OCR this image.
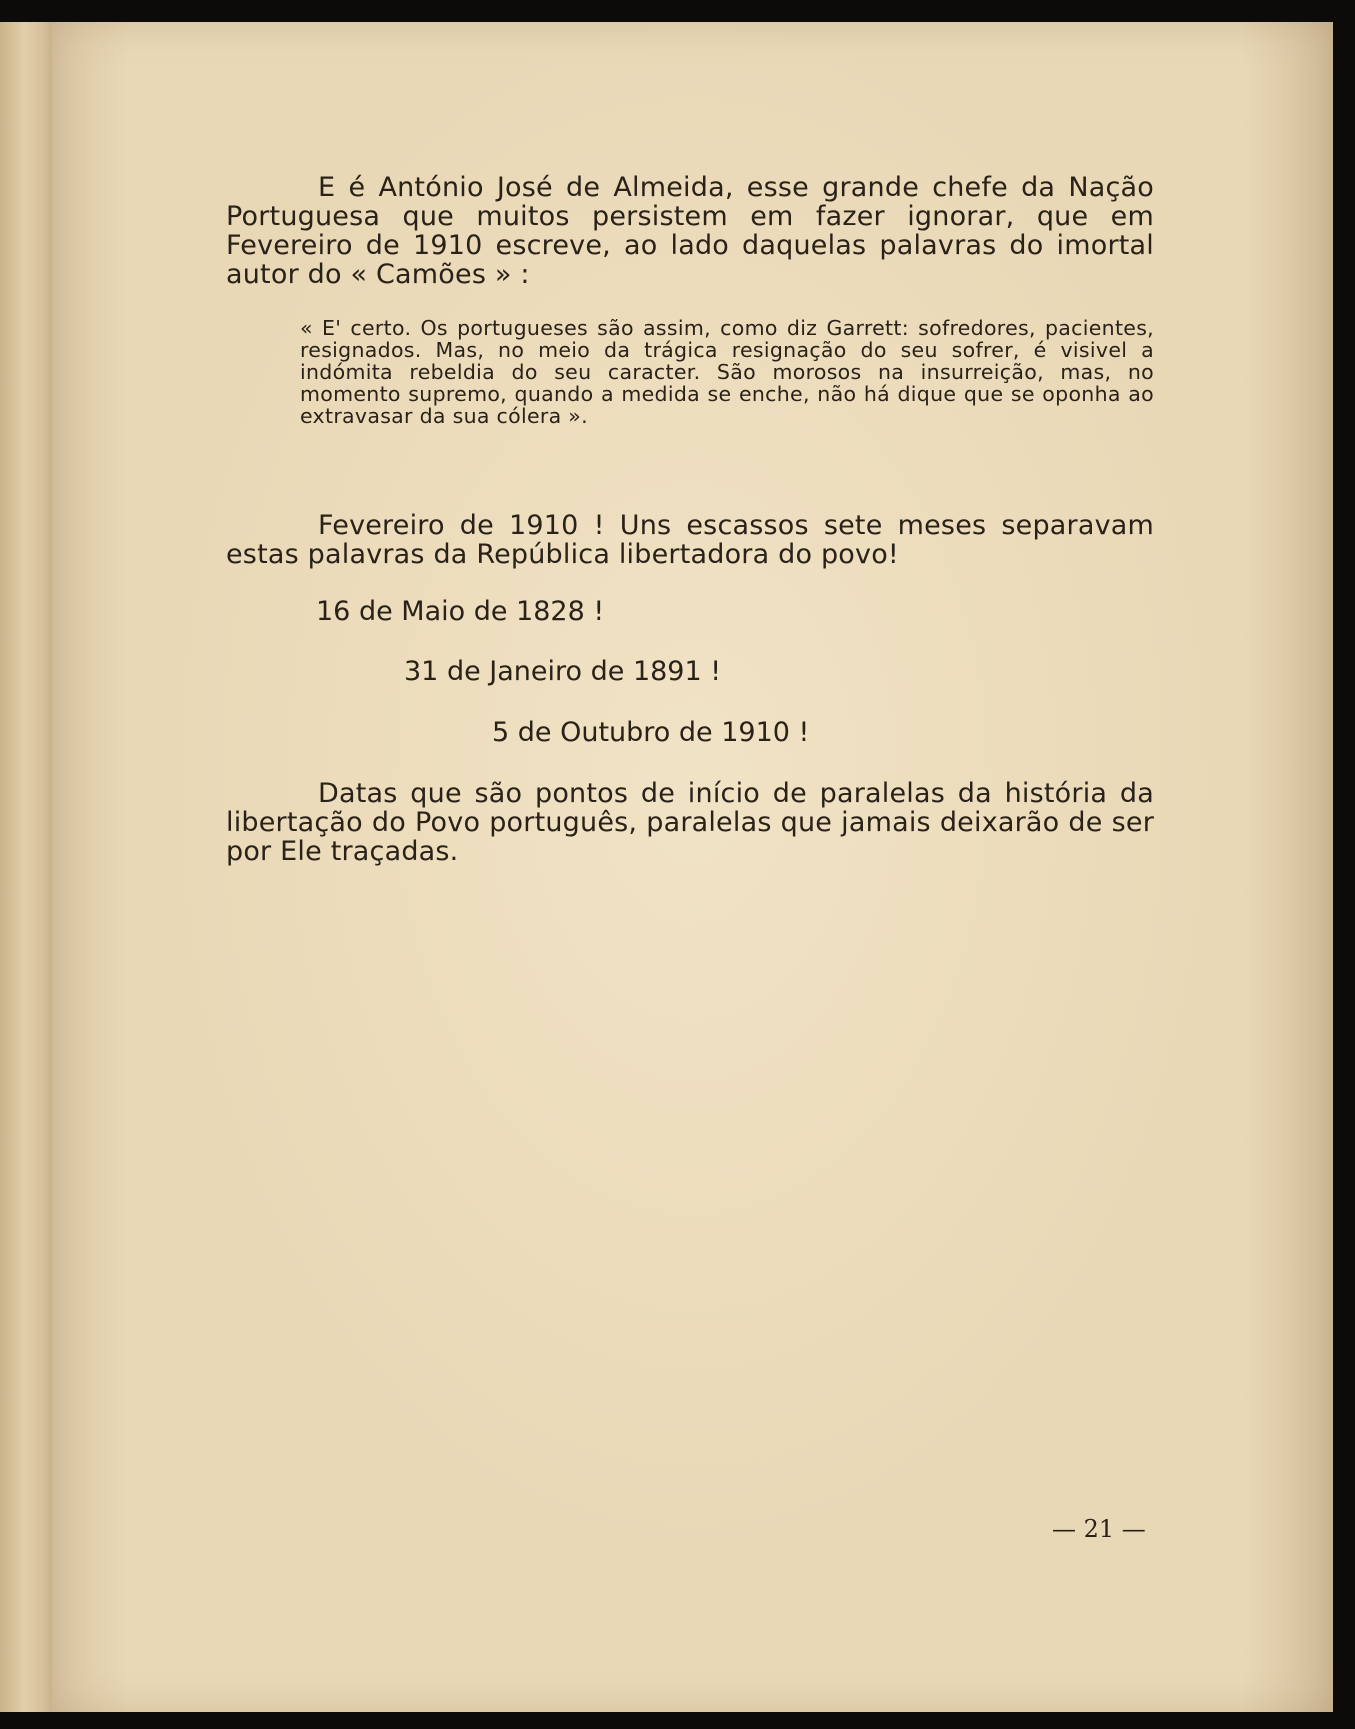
E é António José de Almeida, esse grande chefe da Nação Portuguesa que muitos persistem em fazer ignorar, que em Fevereiro de 1910 escreve, ao lado daquelas palavras do imortal autor do « Camões » :

« E' certo. Os portugueses são assim, como diz Garrett: sofredores, pacientes, resignados. Mas, no meio da trágica resignação do seu sofrer, é visivel a indómita rebeldia do seu caracter. São morosos na insurreição, mas, no momento supremo, quando a medida se enche, não há dique que se oponha ao extravasar da sua cólera ».

Fevereiro de 1910 ! Uns escassos sete meses separavam estas palavras da República libertadora do povo!

16 de Maio de 1828 !

31 de Janeiro de 1891 !

5 de Outubro de 1910 !

Datas que são pontos de início de paralelas da história da libertação do Povo português, paralelas que jamais deixarão de ser por Ele traçadas.

— 21 —
